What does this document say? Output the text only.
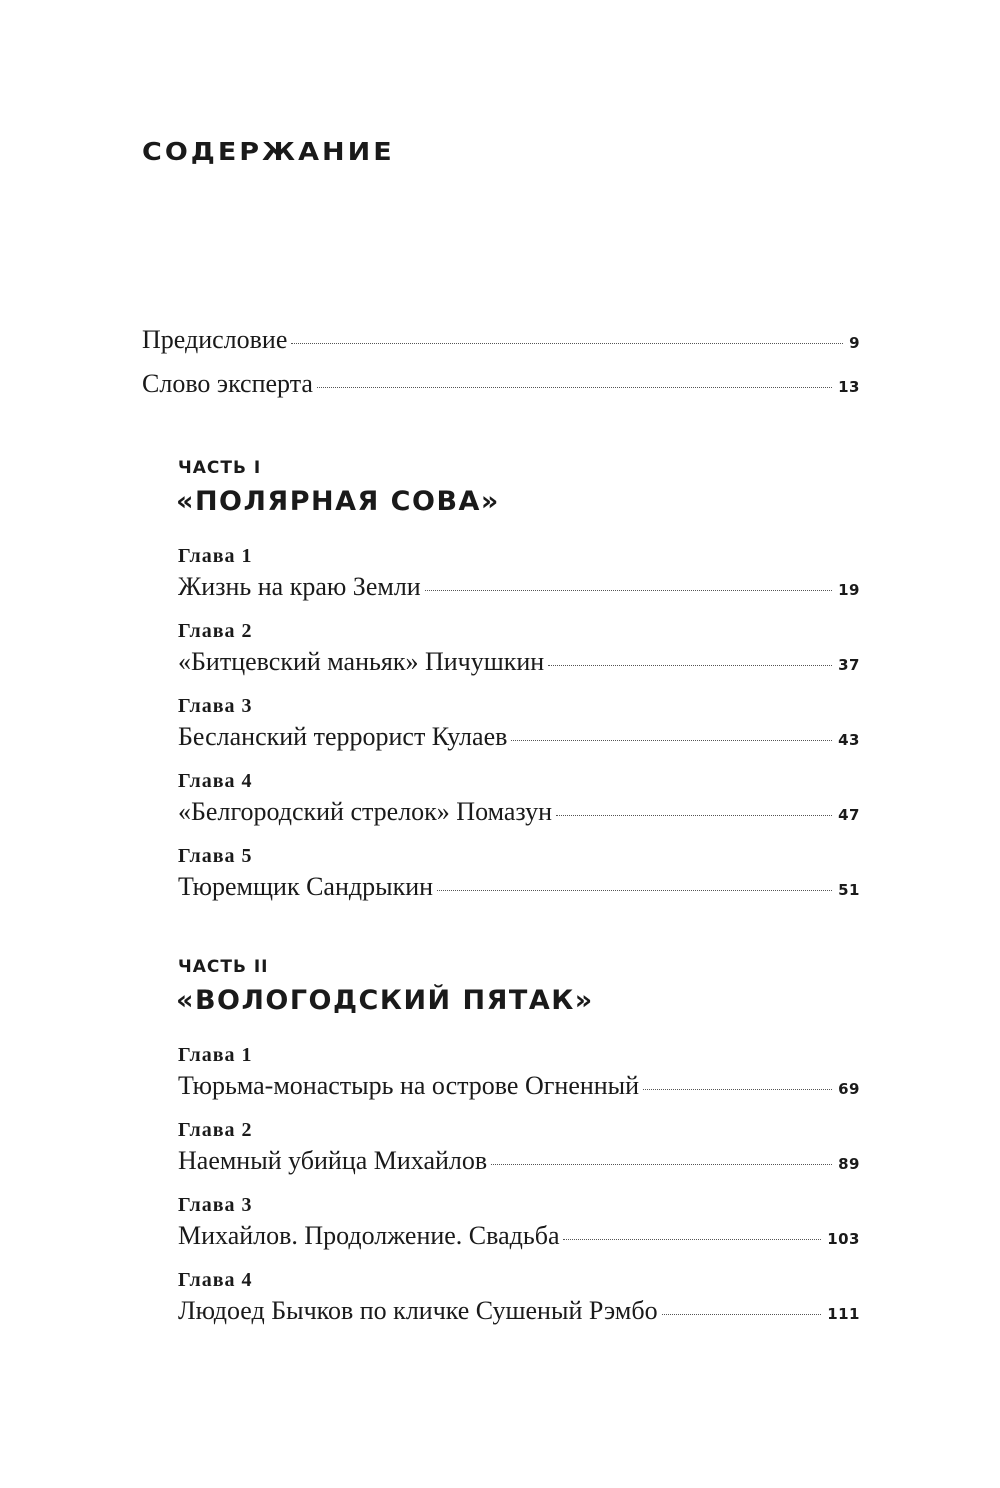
СОДЕРЖАНИЕ
Предисловие	9
Слово эксперта	13
ЧАСТЬ I
«ПОЛЯРНАЯ СОВА»
Глава 1
Жизнь на краю Земли	19
Глава 2
«Битцевский маньяк» Пичушкин	37
Глава 3
Бесланский террорист Кулаев	43
Глава 4
«Белгородский стрелок» Помазун	47
Глава 5
Тюремщик Сандрыкин	51
ЧАСТЬ II
«ВОЛОГОДСКИЙ ПЯТАК»
Глава 1
Тюрьма-монастырь на острове Огненный	69
Глава 2
Наемный убийца Михайлов	89
Глава 3
Михайлов. Продолжение. Свадьба	103
Глава 4
Людоед Бычков по кличке Сушеный Рэмбо	111
